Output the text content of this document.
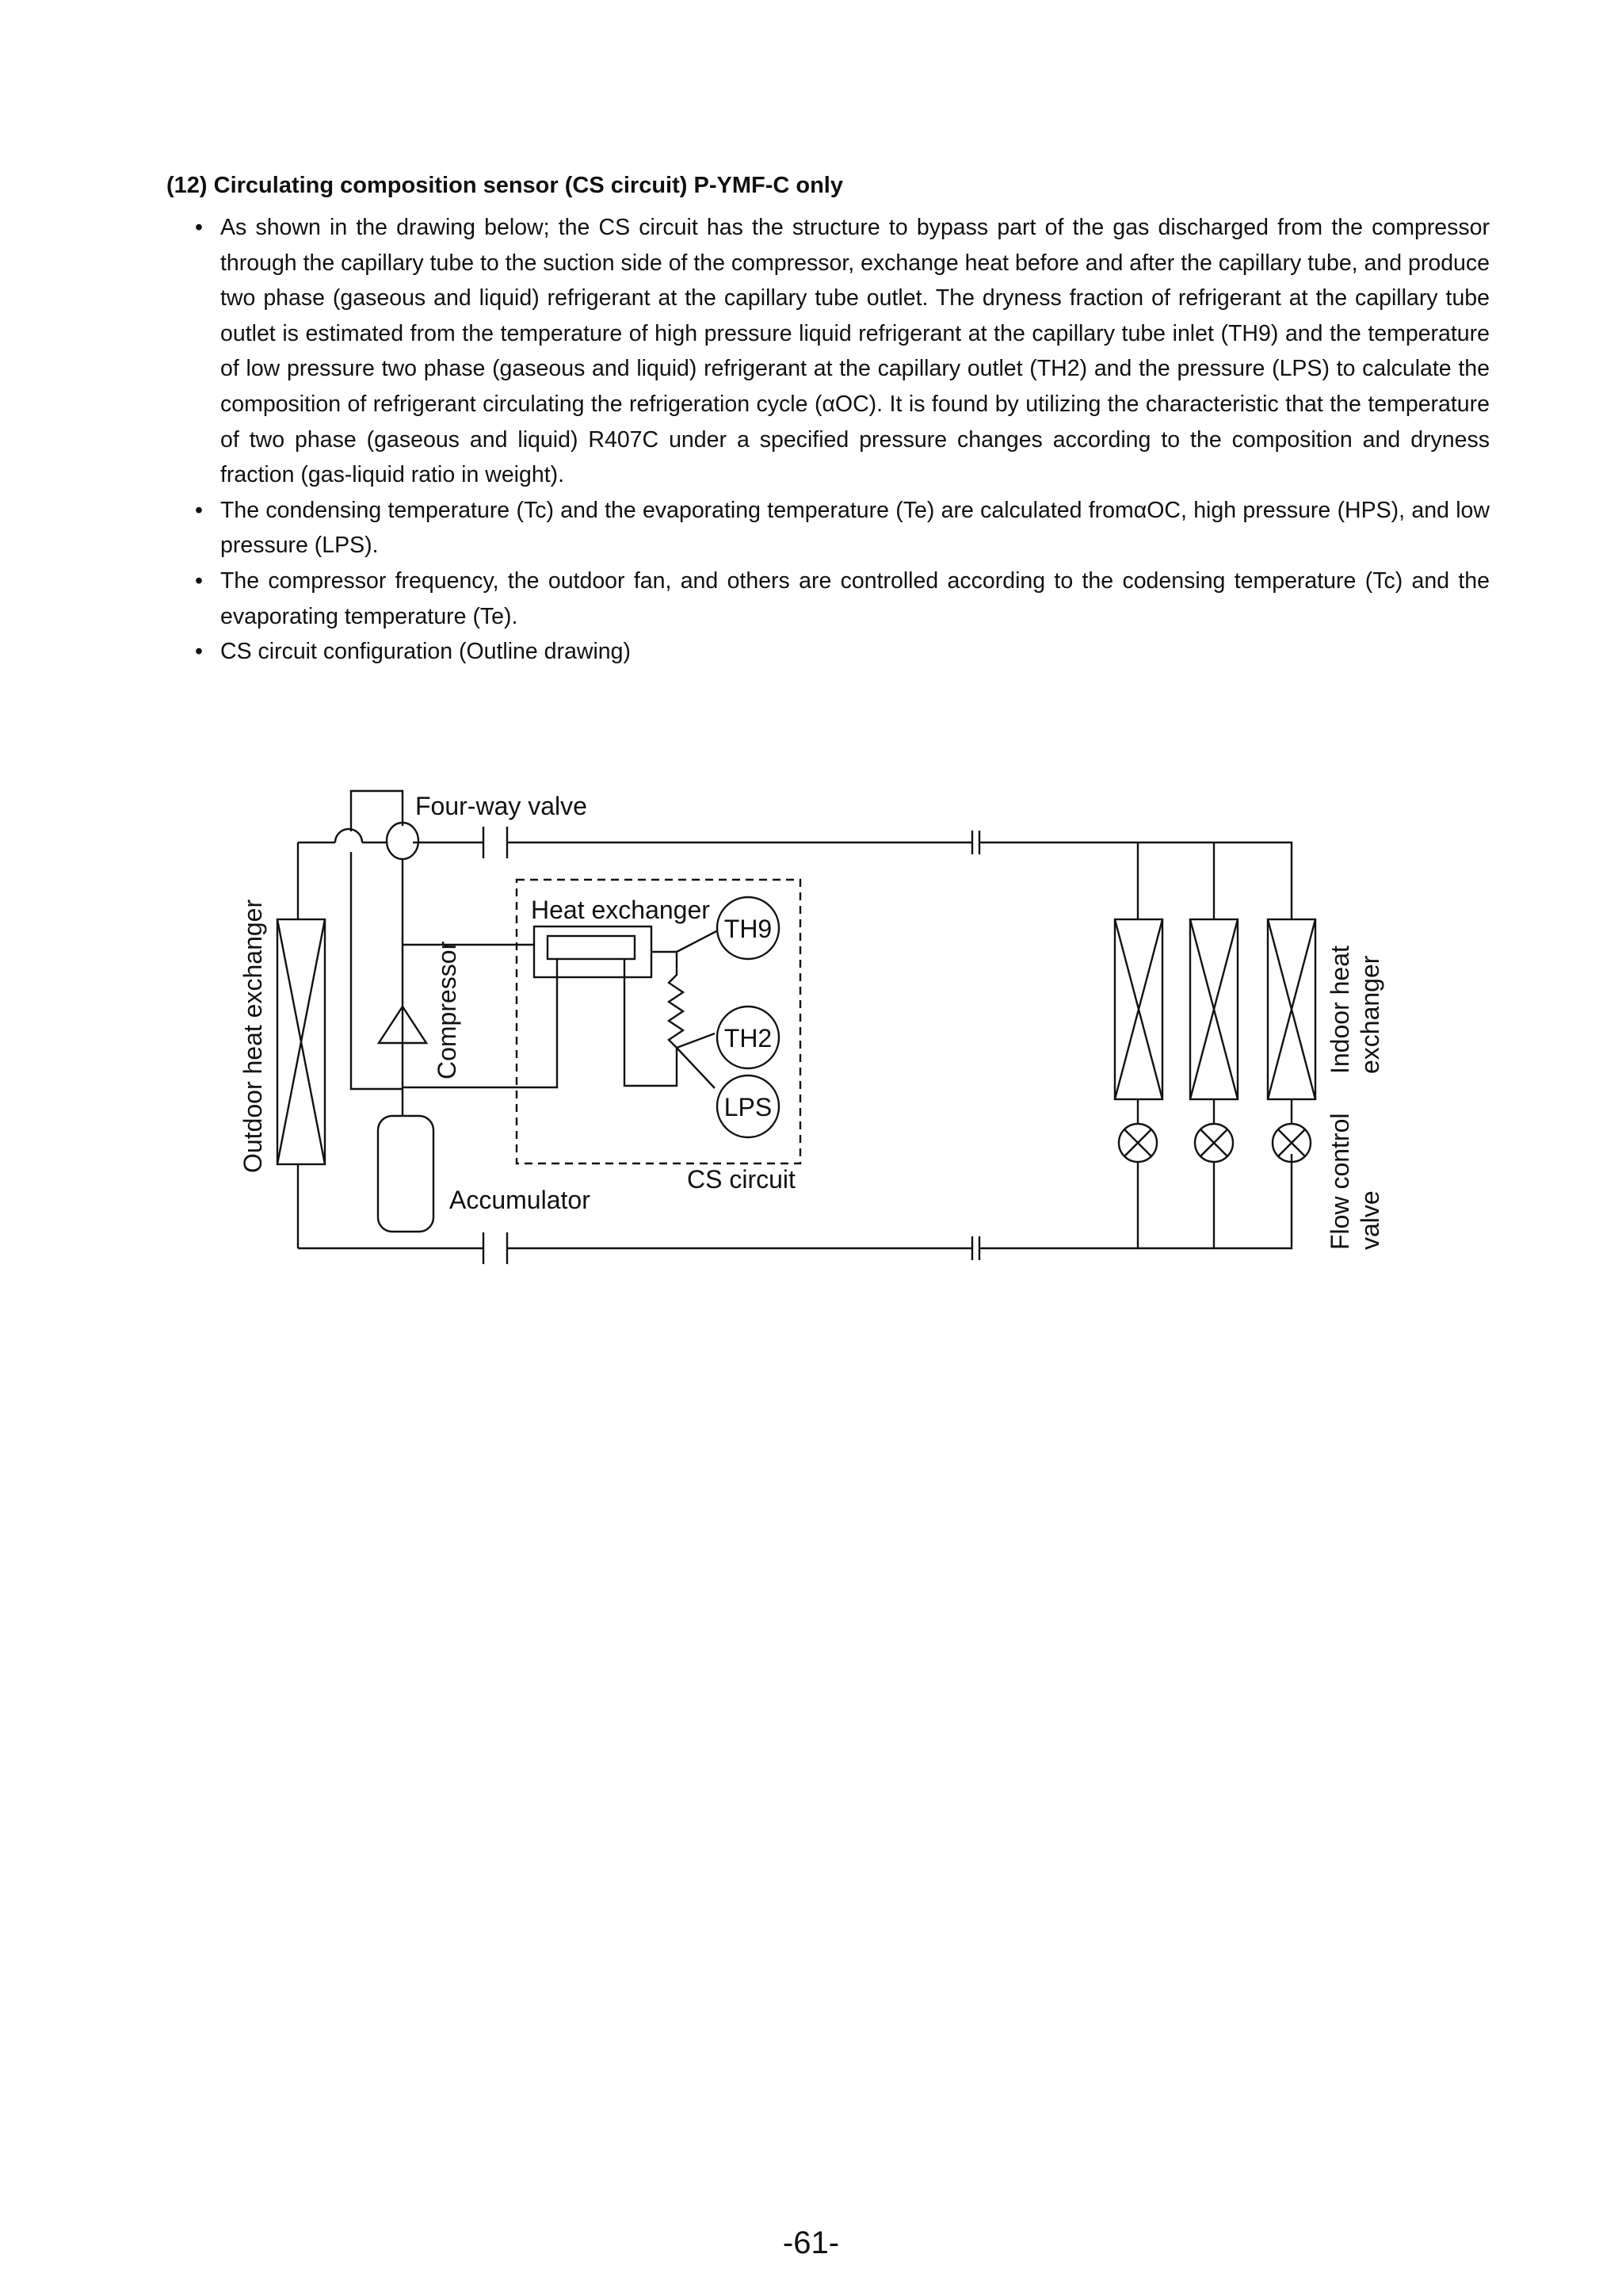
(12) Circulating composition sensor (CS circuit) P-YMF-C only
• As shown in the drawing below; the CS circuit has the structure to bypass part of the gas discharged from the compressor through the capillary tube to the suction side of the compressor, exchange heat before and after the capillary tube, and produce two phase (gaseous and liquid) refrigerant at the capillary tube outlet. The dryness fraction of refrigerant at the capillary tube outlet is estimated from the temperature of high pressure liquid refrigerant at the capillary tube inlet (TH9) and the temperature of low pressure two phase (gaseous and liquid) refrigerant at the capillary outlet (TH2) and the pressure (LPS) to calculate the composition of refrigerant circulating the refrigeration cycle (αOC). It is found by utilizing the characteristic that the temperature of two phase (gaseous and liquid) R407C under a specified pressure changes according to the composition and dryness fraction (gas-liquid ratio in weight).
• The condensing temperature (Tc) and the evaporating temperature (Te) are calculated fromαOC, high pressure (HPS), and low pressure (LPS).
• The compressor frequency, the outdoor fan, and others are controlled according to the codensing temperature (Tc) and the evaporating temperature (Te).
• CS circuit configuration (Outline drawing)
Four-way valve
Heat exchanger
TH9
TH2
LPS
Compressor
Accumulator
CS circuit
Outdoor heat exchanger	Indoor heat exchanger
Flow control valve
-61-
